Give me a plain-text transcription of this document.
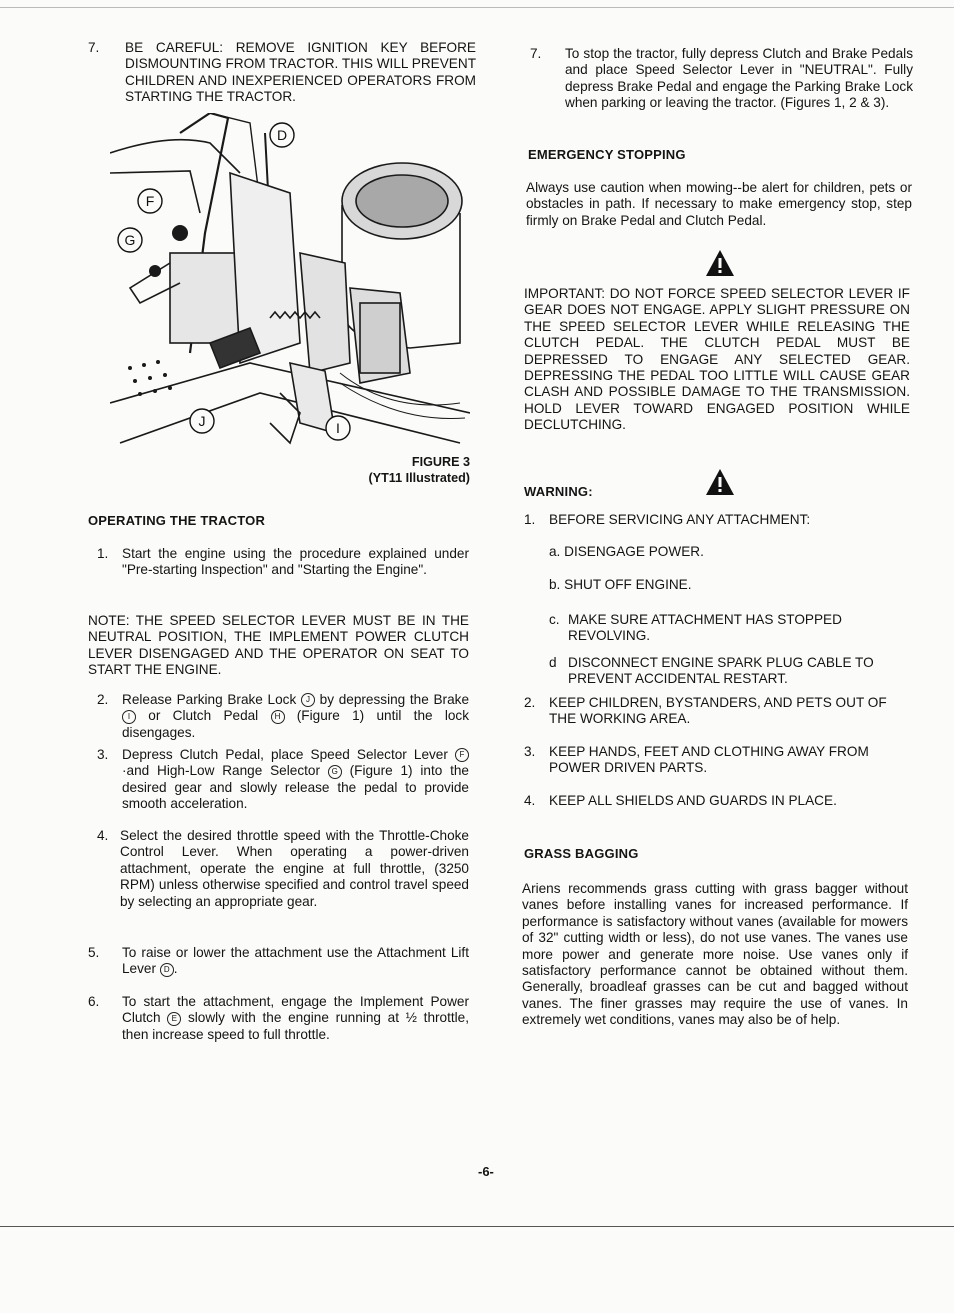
7. BE CAREFUL: REMOVE IGNITION KEY BEFORE DISMOUNTING FROM TRACTOR. THIS WILL PREVENT CHILDREN AND INEXPERIENCED OPERATORS FROM STARTING THE TRACTOR.
D
F
G
J	I
FIGURE 3
(YT11 Illustrated)
OPERATING THE TRACTOR
1. Start the engine using the procedure explained under "Pre-starting Inspection" and "Starting the Engine".
NOTE: THE SPEED SELECTOR LEVER MUST BE IN THE NEUTRAL POSITION, THE IMPLEMENT POWER CLUTCH LEVER DISENGAGED AND THE OPERATOR ON SEAT TO START THE ENGINE.
2. Release Parking Brake Lock J by depressing the Brake I or Clutch Pedal H (Figure 1) until the lock disengages.
3. Depress Clutch Pedal, place Speed Selector Lever F ·and High-Low Range Selector G (Figure 1) into the desired gear and slowly release the pedal to provide smooth acceleration.
4. Select the desired throttle speed with the Throttle-Choke Control Lever. When operating a power-driven attachment, operate the engine at full throttle, (3250 RPM) unless otherwise specified and control travel speed by selecting an appropriate gear.
5. To raise or lower the attachment use the Attachment Lift Lever D .
6. To start the attachment, engage the Implement Power Clutch E slowly with the engine running at ½ throttle, then increase speed to full throttle.
7. To stop the tractor, fully depress Clutch and Brake Pedals and place Speed Selector Lever in "NEUTRAL". Fully depress Brake Pedal and engage the Parking Brake Lock when parking or leaving the tractor. (Figures 1, 2 & 3).
EMERGENCY STOPPING
Always use caution when mowing--be alert for children, pets or obstacles in path. If necessary to make emergency stop, step firmly on Brake Pedal and Clutch Pedal.
IMPORTANT: DO NOT FORCE SPEED SELECTOR LEVER IF GEAR DOES NOT ENGAGE. APPLY SLIGHT PRESSURE ON THE SPEED SELECTOR LEVER WHILE RELEASING THE CLUTCH PEDAL. THE CLUTCH PEDAL MUST BE DEPRESSED TO ENGAGE ANY SELECTED GEAR. DEPRESSING THE PEDAL TOO LITTLE WILL CAUSE GEAR CLASH AND POSSIBLE DAMAGE TO THE TRANSMISSION. HOLD LEVER TOWARD ENGAGED POSITION WHILE DECLUTCHING.
WARNING:
1. BEFORE SERVICING ANY ATTACHMENT:
a. DISENGAGE POWER.
b. SHUT OFF ENGINE.
c. MAKE SURE ATTACHMENT HAS STOPPED REVOLVING.
d DISCONNECT ENGINE SPARK PLUG CABLE TO PREVENT ACCIDENTAL RESTART.
2. KEEP CHILDREN, BYSTANDERS, AND PETS OUT OF THE WORKING AREA.
3. KEEP HANDS, FEET AND CLOTHING AWAY FROM POWER DRIVEN PARTS.
4. KEEP ALL SHIELDS AND GUARDS IN PLACE.
GRASS BAGGING
Ariens recommends grass cutting with grass bagger without vanes before installing vanes for increased performance. If performance is satisfactory without vanes (available for mowers of 32" cutting width or less), do not use vanes. The vanes use more power and generate more noise. Use vanes only if satisfactory performance cannot be obtained without them. Generally, broadleaf grasses can be cut and bagged without vanes. The finer grasses may require the use of vanes. In extremely wet conditions, vanes may also be of help.
-6-
